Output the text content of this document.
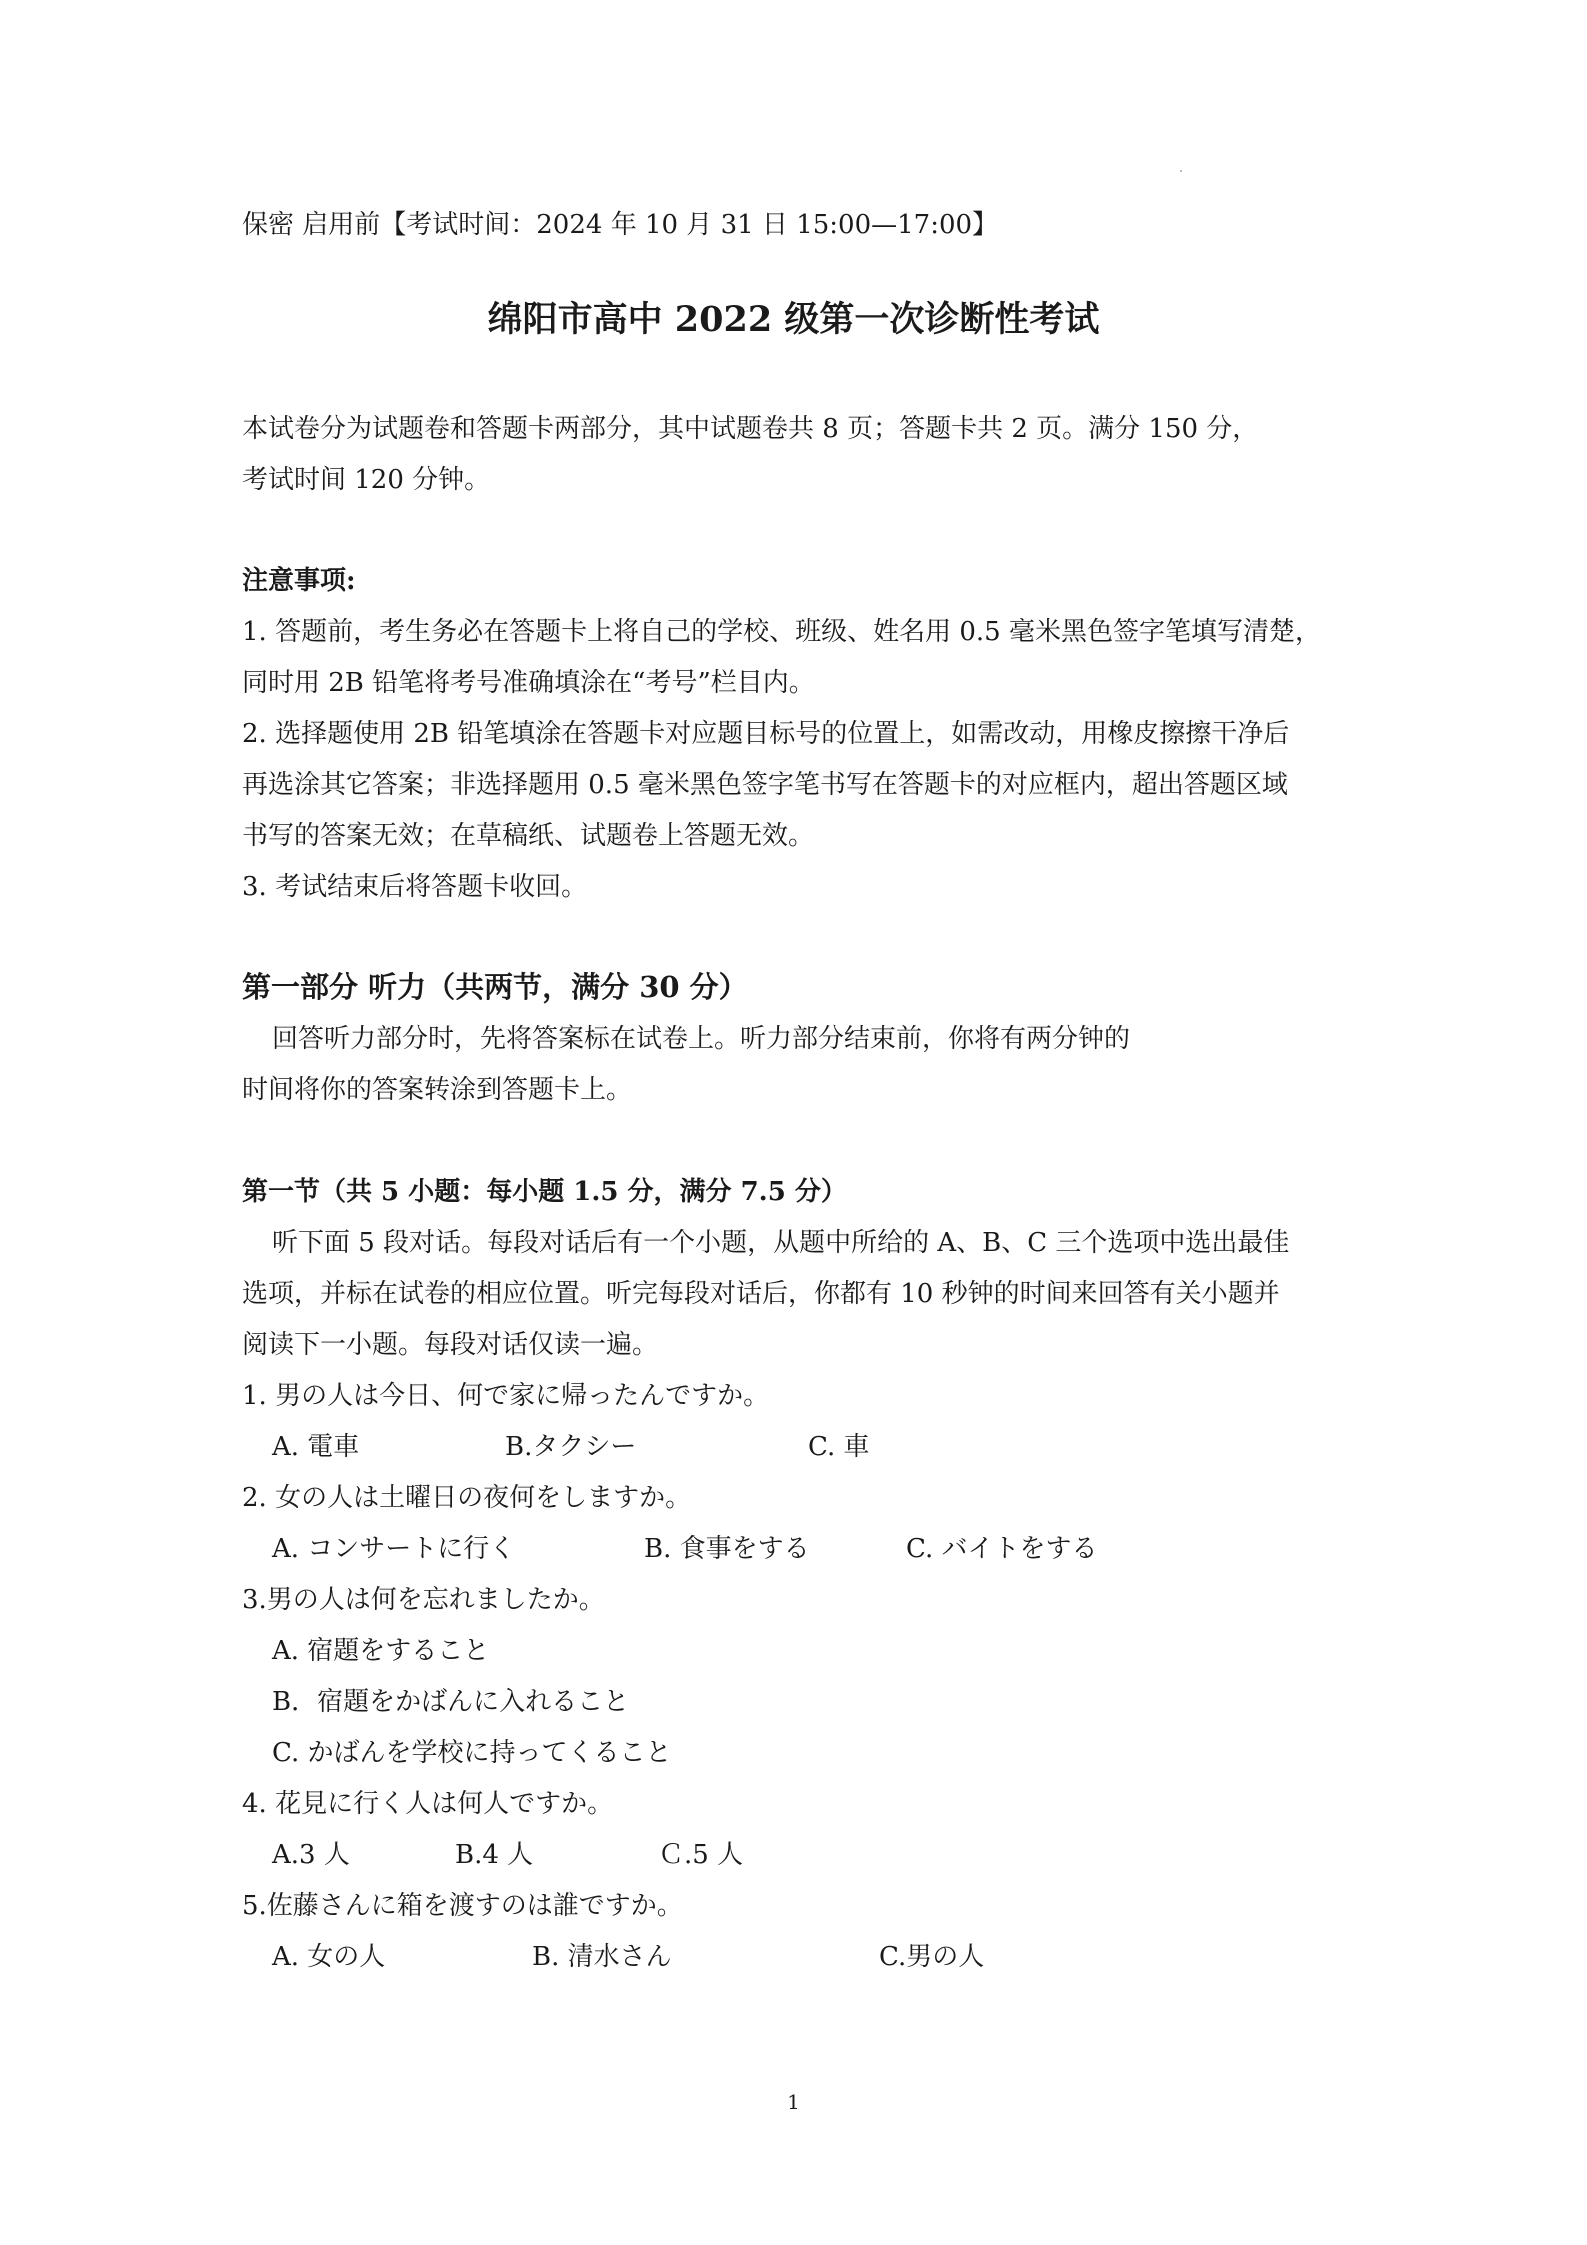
保密 启用前【考试时间：2024 年 10 月 31 日 15:00—17:00】
绵阳市高中 2022 级第一次诊断性考试
本试卷分为试题卷和答题卡两部分，其中试题卷共 8 页；答题卡共 2 页。满分 150 分，
考试时间 120 分钟。
注意事项:
1. 答题前，考生务必在答题卡上将自己的学校、班级、姓名用 0.5 毫米黑色签字笔填写清楚，
同时用 2B 铅笔将考号准确填涂在“考号”栏目内。
2. 选择题使用 2B 铅笔填涂在答题卡对应题目标号的位置上，如需改动，用橡皮擦擦干净后
再选涂其它答案；非选择题用 0.5 毫米黑色签字笔书写在答题卡的对应框内，超出答题区域
书写的答案无效；在草稿纸、试题卷上答题无效。
3. 考试结束后将答题卡收回。
第一部分 听力（共两节，满分 30 分）
回答听力部分时，先将答案标在试卷上。听力部分结束前，你将有两分钟的
时间将你的答案转涂到答题卡上。
第一节（共 5 小题：每小题 1.5 分，满分 7.5 分）
听下面 5 段对话。每段对话后有一个小题，从题中所给的 A、B、C 三个选项中选出最佳
选项，并标在试卷的相应位置。听完每段对话后，你都有 10 秒钟的时间来回答有关小题并
阅读下一小题。每段对话仅读一遍。
1. 男の人は今日、何で家に帰ったんですか。
A. 電車	B.タクシー	C. 車
2. 女の人は土曜日の夜何をしますか。
A. コンサートに行く	B. 食事をする	C. バイトをする
3.男の人は何を忘れましたか。
A. 宿題をすること
B．宿題をかばんに入れること
C. かばんを学校に持ってくること
4. 花見に行く人は何人ですか。
A.3 人	B.4 人	Ｃ.5 人
5.佐藤さんに箱を渡すのは誰ですか。
A. 女の人	B. 清水さん	C.男の人
1
